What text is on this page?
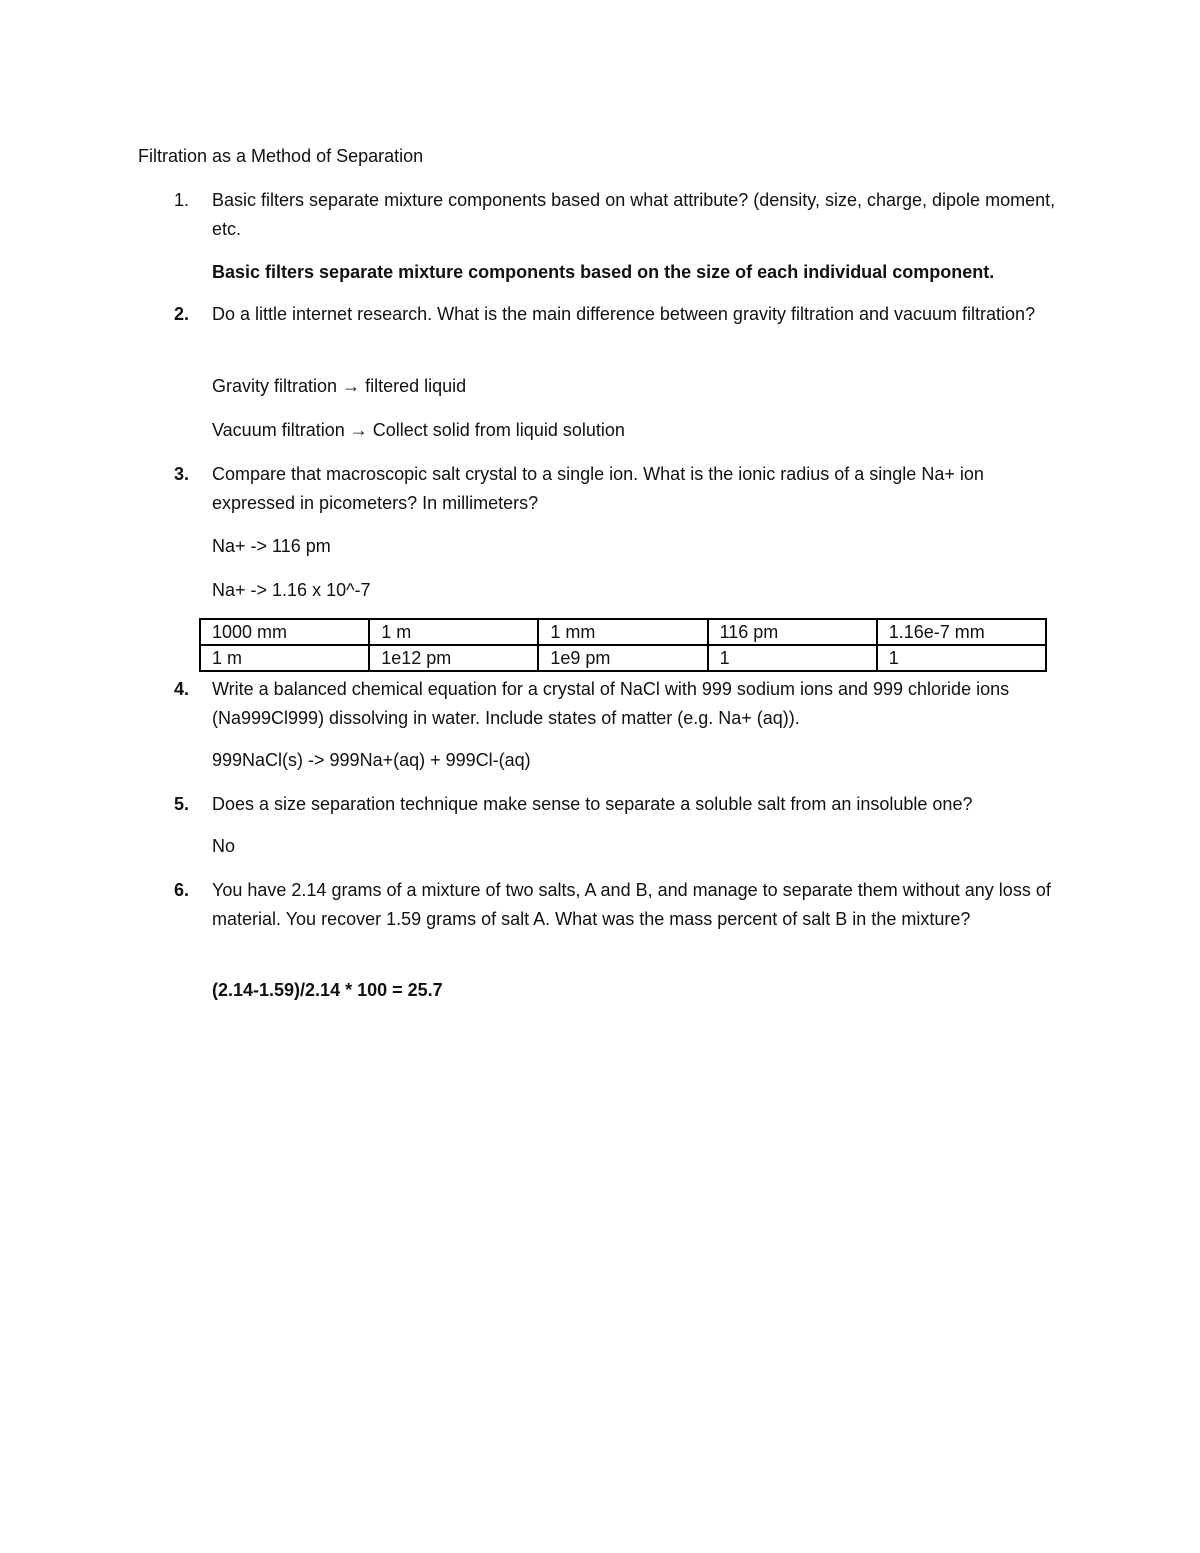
Filtration as a Method of Separation
1. Basic filters separate mixture components based on what attribute? (density, size, charge, dipole moment, etc.
Basic filters separate mixture components based on the size of each individual component.
2. Do a little internet research. What is the main difference between gravity filtration and vacuum filtration?
Gravity filtration → filtered liquid
Vacuum filtration → Collect solid from liquid solution
3. Compare that macroscopic salt crystal to a single ion. What is the ionic radius of a single Na+ ion expressed in picometers? In millimeters?
Na+ -> 116 pm
Na+ -> 1.16 x 10^-7
1000 mm	1 m	1 mm	116 pm	1.16e-7 mm
1 m	1e12 pm	1e9 pm	1	1
4. Write a balanced chemical equation for a crystal of NaCl with 999 sodium ions and 999 chloride ions (Na999Cl999) dissolving in water. Include states of matter (e.g. Na+ (aq)).
999NaCl(s) -> 999Na+(aq) + 999Cl-(aq)
5. Does a size separation technique make sense to separate a soluble salt from an insoluble one?
No
6. You have 2.14 grams of a mixture of two salts, A and B, and manage to separate them without any loss of material. You recover 1.59 grams of salt A. What was the mass percent of salt B in the mixture?
(2.14-1.59)/2.14 * 100 = 25.7
